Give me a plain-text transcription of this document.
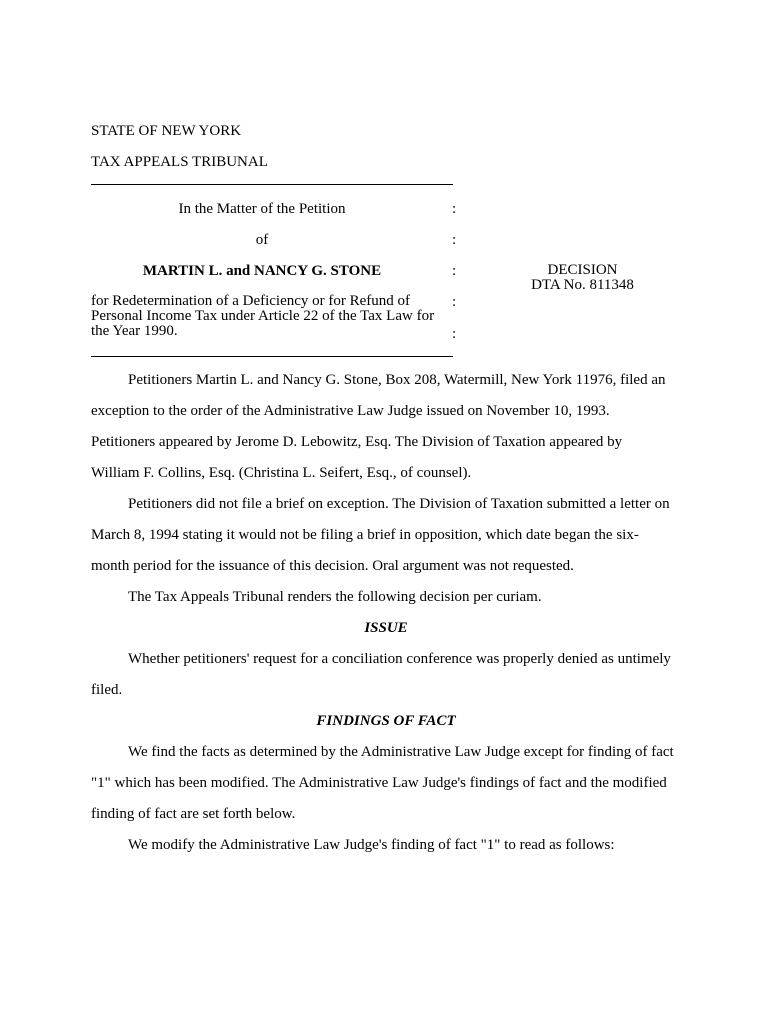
STATE OF NEW YORK
TAX APPEALS TRIBUNAL
In the Matter of the Petition	:
of	:
MARTIN L. and NANCY G. STONE	:	DECISION
DTA No. 811348
for Redetermination of a Deficiency or for Refund of
Personal Income Tax under Article 22 of the Tax Law for
the Year 1990.
:
:
Petitioners Martin L. and Nancy G. Stone, Box 208, Watermill, New York 11976, filed an
exception to the order of the Administrative Law Judge issued on November 10, 1993.
Petitioners appeared by Jerome D. Lebowitz, Esq. The Division of Taxation appeared by
William F. Collins, Esq. (Christina L. Seifert, Esq., of counsel).
Petitioners did not file a brief on exception. The Division of Taxation submitted a letter on
March 8, 1994 stating it would not be filing a brief in opposition, which date began the six-
month period for the issuance of this decision. Oral argument was not requested.
The Tax Appeals Tribunal renders the following decision per curiam.
ISSUE
Whether petitioners' request for a conciliation conference was properly denied as untimely
filed.
FINDINGS OF FACT
We find the facts as determined by the Administrative Law Judge except for finding of fact
"1" which has been modified. The Administrative Law Judge's findings of fact and the modified
finding of fact are set forth below.
We modify the Administrative Law Judge's finding of fact "1" to read as follows:
